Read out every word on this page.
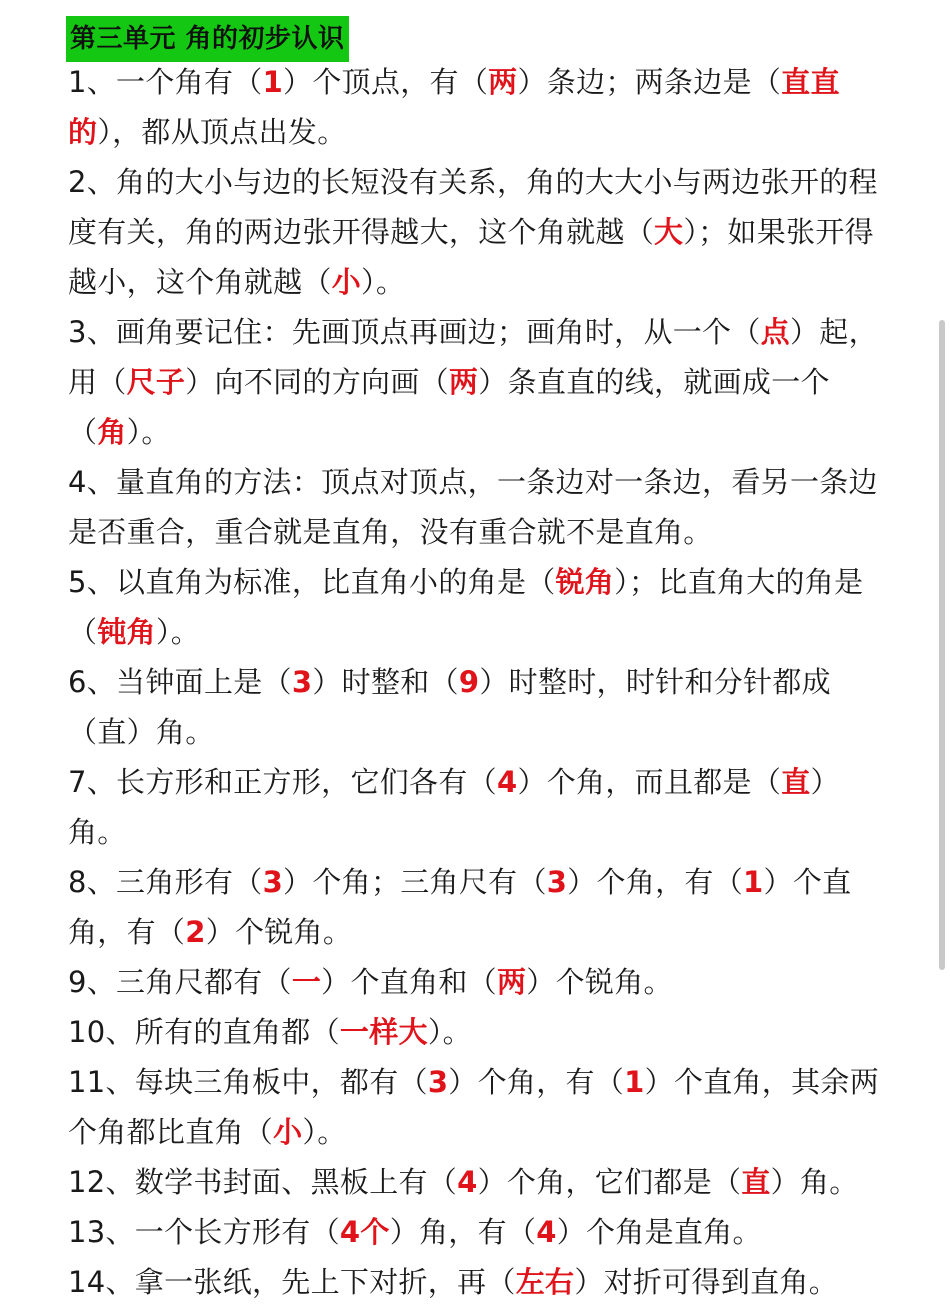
第三单元 角的初步认识
1、一个角有（1）个顶点，有（两）条边；两条边是（直直的），都从顶点出发。
2、角的大小与边的长短没有关系，角的大大小与两边张开的程度有关，角的两边张开得越大，这个角就越（大）；如果张开得越小，这个角就越（小）。
3、画角要记住：先画顶点再画边；画角时，从一个（点）起，用（尺子）向不同的方向画（两）条直直的线，就画成一个（角）。
4、量直角的方法：顶点对顶点，一条边对一条边，看另一条边是否重合，重合就是直角，没有重合就不是直角。
5、以直角为标准，比直角小的角是（锐角）；比直角大的角是（钝角）。
6、当钟面上是（3）时整和（9）时整时，时针和分针都成（直）角。
7、长方形和正方形，它们各有（4）个角，而且都是（直）角。
8、三角形有（3）个角；三角尺有（3）个角，有（1）个直角，有（2）个锐角。
9、三角尺都有（一）个直角和（两）个锐角。
10、所有的直角都（一样大）。
11、每块三角板中，都有（3）个角，有（1）个直角，其余两个角都比直角（小）。
12、数学书封面、黑板上有（4）个角，它们都是（直）角。
13、一个长方形有（4个）角，有（4）个角是直角。
14、拿一张纸，先上下对折，再（左右）对折可得到直角。
